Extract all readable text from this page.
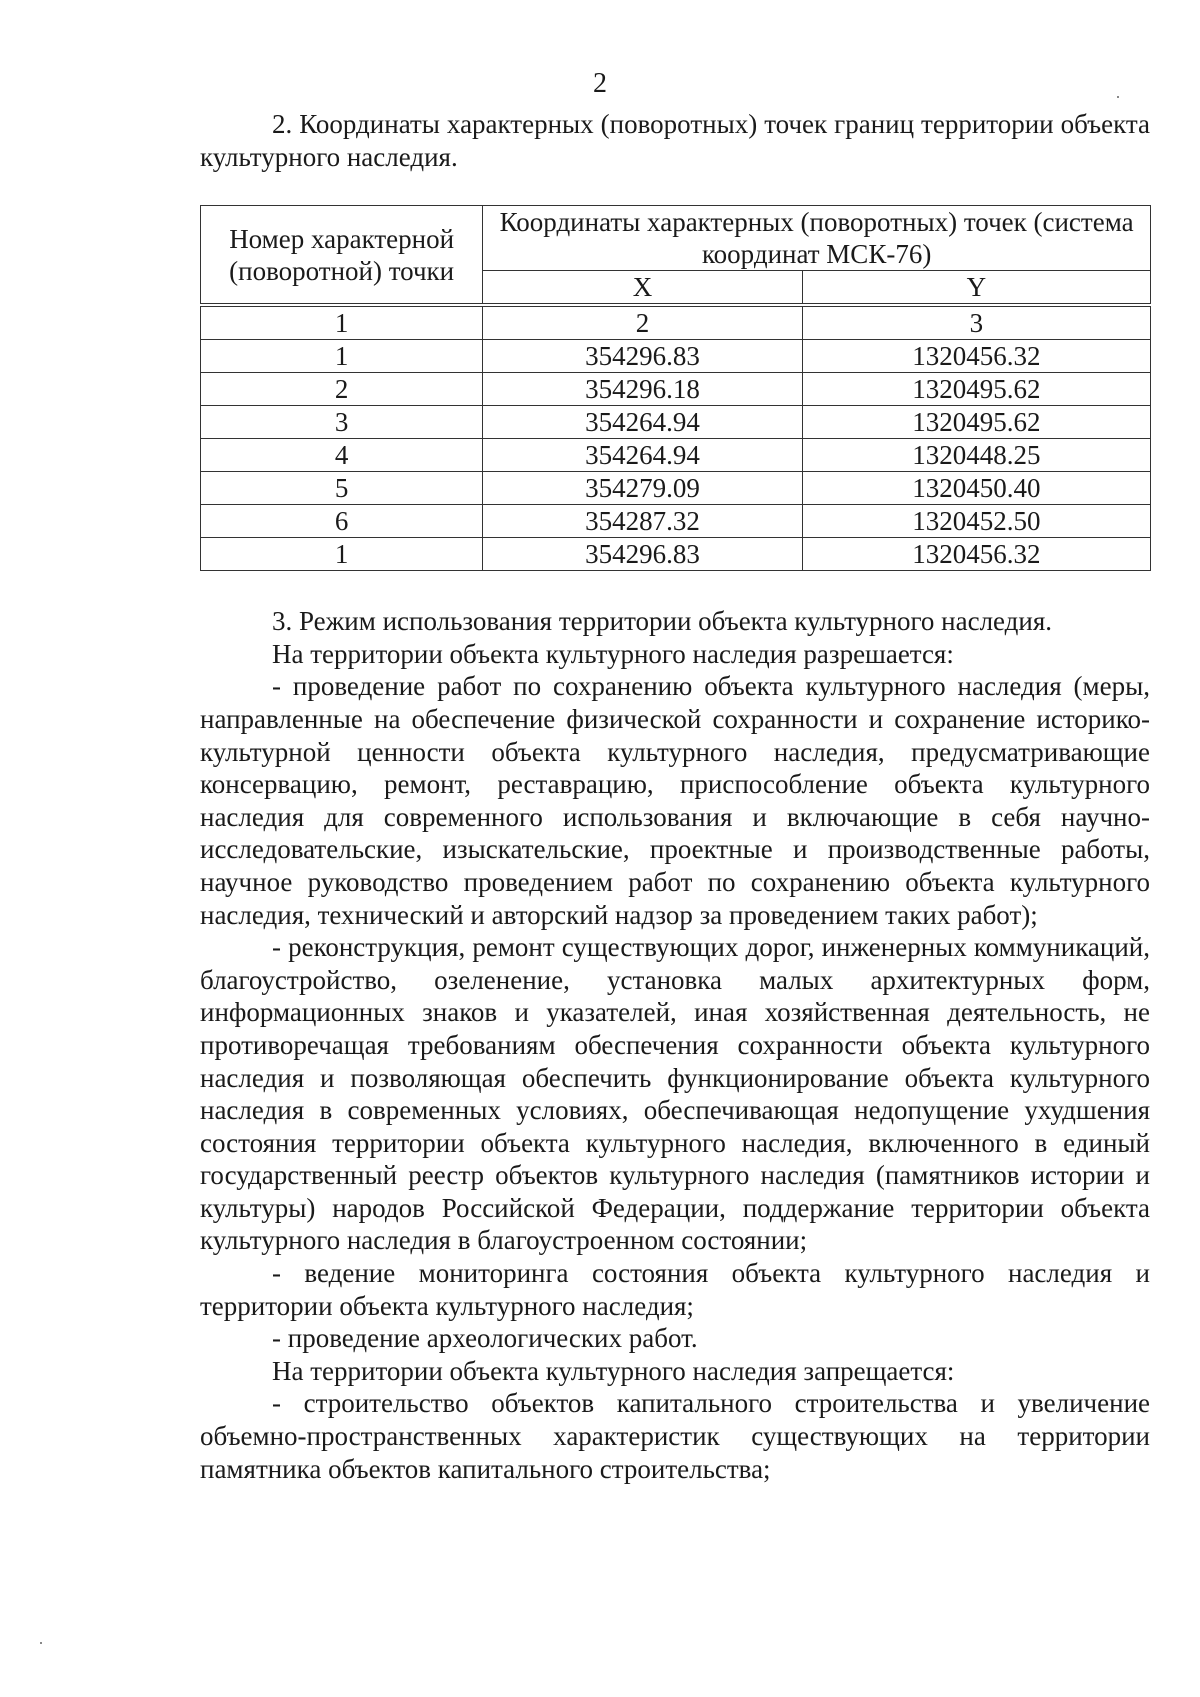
2

2. Координаты характерных (поворотных) точек границ территории объекта культурного наследия.

Номер характерной (поворотной) точки	Координаты характерных (поворотных) точек (система координат МСК-76)	
	X	Y
1	2	3
1	354296.83	1320456.32
2	354296.18	1320495.62
3	354264.94	1320495.62
4	354264.94	1320448.25
5	354279.09	1320450.40
6	354287.32	1320452.50
1	354296.83	1320456.32

3. Режим использования территории объекта культурного наследия.

На территории объекта культурного наследия разрешается:

- проведение работ по сохранению объекта культурного наследия (меры, направленные на обеспечение физической сохранности и сохранение историко-культурной ценности объекта культурного наследия, предусматривающие консервацию, ремонт, реставрацию, приспособление объекта культурного наследия для современного использования и включающие в себя научно-исследовательские, изыскательские, проектные и производственные работы, научное руководство проведением работ по сохранению объекта культурного наследия, технический и авторский надзор за проведением таких работ);

- реконструкция, ремонт существующих дорог, инженерных коммуникаций, благоустройство, озеленение, установка малых архитектурных форм, информационных знаков и указателей, иная хозяйственная деятельность, не противоречащая требованиям обеспечения сохранности объекта культурного наследия и позволяющая обеспечить функционирование объекта культурного наследия в современных условиях, обеспечивающая недопущение ухудшения состояния территории объекта культурного наследия, включенного в единый государственный реестр объектов культурного наследия (памятников истории и культуры) народов Российской Федерации, поддержание территории объекта культурного наследия в благоустроенном состоянии;

- ведение мониторинга состояния объекта культурного наследия и территории объекта культурного наследия;

- проведение археологических работ.

На территории объекта культурного наследия запрещается:

- строительство объектов капитального строительства и увеличение объемно-пространственных характеристик существующих на территории памятника объектов капитального строительства;
